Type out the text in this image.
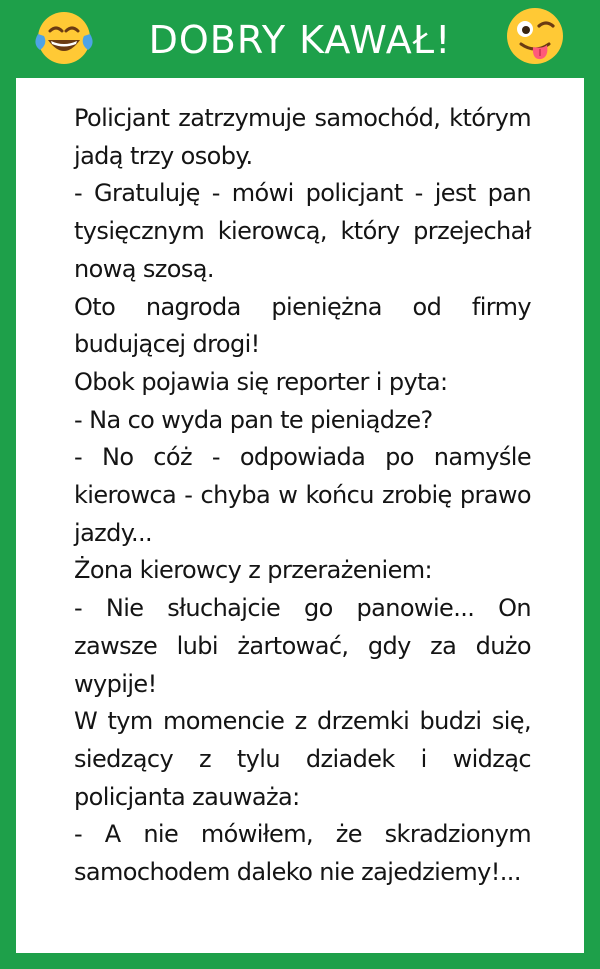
DOBRY KAWAŁ!
Policjant zatrzymuje samochód, którym jadą trzy osoby.
- Gratuluję - mówi policjant - jest pan tysięcznym kierowcą, który przejechał nową szosą.
Oto nagroda pieniężna od firmy budującej drogi!
Obok pojawia się reporter i pyta:
- Na co wyda pan te pieniądze?
- No cóż - odpowiada po namyśle kierowca - chyba w końcu zrobię prawo jazdy...
Żona kierowcy z przerażeniem:
- Nie słuchajcie go panowie... On zawsze lubi żartować, gdy za dużo wypije!
W tym momencie z drzemki budzi się, siedzący z tylu dziadek i widząc policjanta zauważa:
- A nie mówiłem, że skradzionym samochodem daleko nie zajedziemy!...
